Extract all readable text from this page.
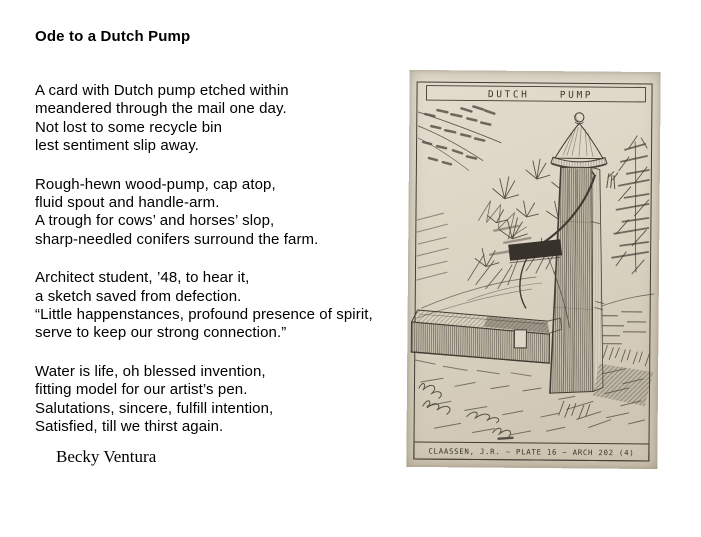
Ode to a Dutch Pump

A card with Dutch pump etched within
meandered through the mail one day.
Not lost to some recycle bin
lest sentiment slip away.

Rough-hewn wood-pump, cap atop,
fluid spout and handle-arm.
A trough for cows’ and horses’ slop,
sharp-needled conifers surround the farm.

Architect student, ’48, to hear it,
a sketch saved from defection.
“Little happenstances, profound presence of spirit,
serve to keep our strong connection.”

Water is life, oh blessed invention,
fitting model for our artist’s pen.
Salutations, sincere, fulfill intention,
Satisfied, till we thirst again.

Becky Ventura
DUTCH PUMP
CLAASSEN, J.R. ~ PLATE 16 ~ ARCH 202 (4)
